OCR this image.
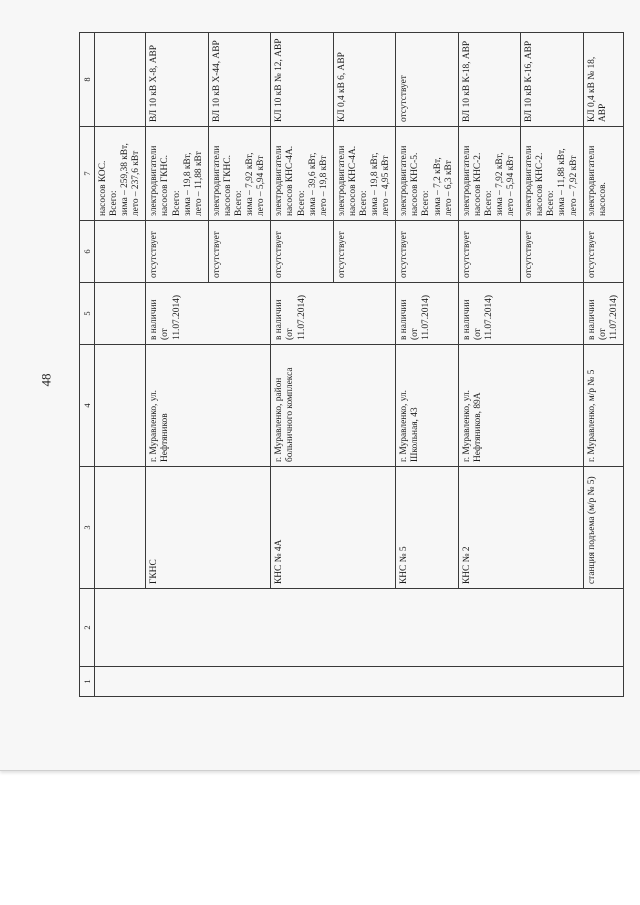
48
1	2	3	4	5	6	7	8

						насосов КОС. Всего: зима – 259,38 кВт, лето – 237,6 кВт	

		ГКНС	г. Муравленко, ул. Нефтяников	в наличии (от 11.07.2014)	отсутствует	электродвигатели насосов ГКНС. Всего: зима – 19,8 кВт, лето – 11,88 кВт	ВЛ 10 кВ Х-8, АВР
					отсутствует	электродвигатели насосов ГКНС. Всего: зима – 7,92 кВт, лето – 5,94 кВт	ВЛ 10 кВ Х-44, АВР
		КНС № 4А	г. Муравленко, район больничного комплекса	в наличии (от 11.07.2014)	отсутствует	электродвигатели насосов КНС-4А. Всего: зима – 39,6 кВт, лето – 19,8 кВт	КЛ 10 кВ № 12, АВР
					отсутствует	электродвигатели насосов КНС-4А. Всего: зима – 19,8 кВт, лето – 4,95 кВт	КЛ 0,4 кВ 6, АВР
		КНС № 5	г. Муравленко, ул. Школьная, 43	в наличии (от 11.07.2014)	отсутствует	электродвигатели насосов КНС-5. Всего: зима – 7,2 кВт, лето – 6,3 кВт	отсутствует
		КНС № 2	г. Муравленко, ул. Нефтяников, 89А	в наличии (от 11.07.2014)	отсутствует	электродвигатели насосов КНС-2. Всего: зима – 7,92 кВт, лето – 5,94 кВт	ВЛ 10 кВ К-18, АВР
					отсутствует	электродвигатели насосов КНС-2. Всего: зима – 11,88 кВт, лето – 7,92 кВт	ВЛ 10 кВ К-16, АВР
		станция подъема (м/р № 5)	г. Муравленко, м/р № 5	в наличии (от 11.07.2014)	отсутствует	электродвигатели насосов.	КЛ 0,4 кВ № 18, АВР
